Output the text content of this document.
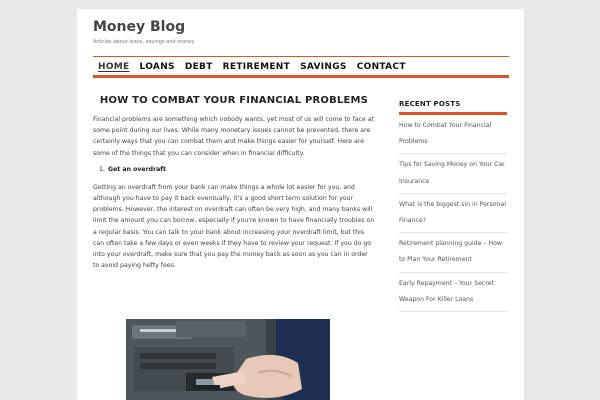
Money Blog
Articles about loans, savings and money
HOME	LOANS	DEBT	RETIREMENT	SAVINGS	CONTACT
HOW TO COMBAT YOUR FINANCIAL PROBLEMS

Financial problems are something which nobody wants, yet most of us will come to face at some point during our lives. While many monetary issues cannot be prevented, there are certainly ways that you can combat them and make things easier for yourself. Here are some of the things that you can consider when in financial difficulty.

1. Get an overdraft

Getting an overdraft from your bank can make things a whole lot easier for you, and although you have to pay it back eventually, it's a good short term solution for your problems. However, the interest on overdraft can often be very high, and many banks will limit the amount you can borrow, especially if you're known to have financially troubles on a regular basis. You can talk to your bank about increasing your overdraft limit, but this can often take a few days or even weeks if they have to review your request. If you do go into your overdraft, make sure that you pay the money back as soon as you can in order to avoid paying hefty fees.

RECENT POSTS
How to Combat Your Financial Problems
Tips for Saving Money on Your Car Insurance
What is the biggest sin in Personal Finance?
Retirement planning guide – How to Plan Your Retirement
Early Repayment – Your Secret Weapon For Killer Loans
